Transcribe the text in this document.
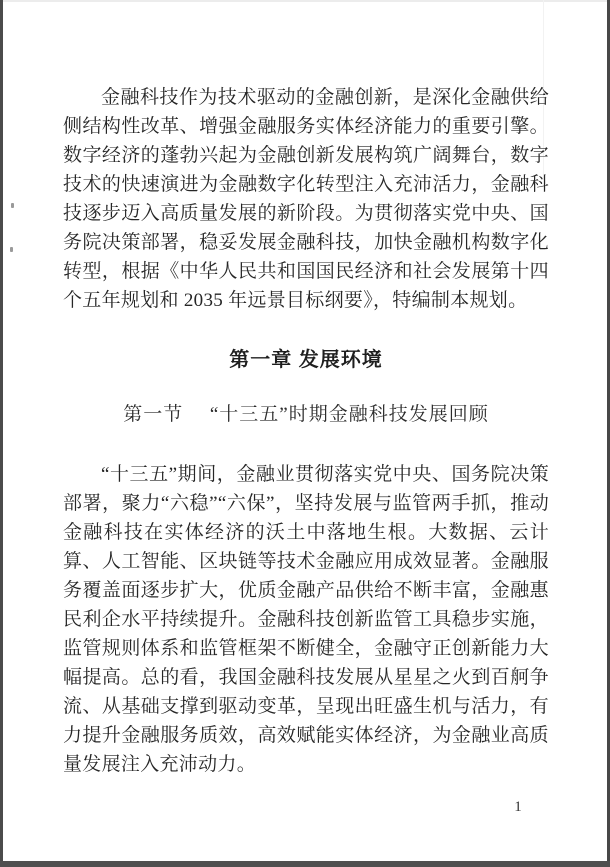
金融科技作为技术驱动的金融创新，是深化金融供给侧结构性改革、增强金融服务实体经济能力的重要引擎。数字经济的蓬勃兴起为金融创新发展构筑广阔舞台，数字技术的快速演进为金融数字化转型注入充沛活力，金融科技逐步迈入高质量发展的新阶段。为贯彻落实党中央、国务院决策部署，稳妥发展金融科技，加快金融机构数字化转型，根据《中华人民共和国国民经济和社会发展第十四个五年规划和 2035 年远景目标纲要》，特编制本规划。
第一章 发展环境
第一节 “十三五”时期金融科技发展回顾
“十三五”期间，金融业贯彻落实党中央、国务院决策部署，聚力“六稳”“六保”，坚持发展与监管两手抓，推动金融科技在实体经济的沃土中落地生根。大数据、云计算、人工智能、区块链等技术金融应用成效显著。金融服务覆盖面逐步扩大，优质金融产品供给不断丰富，金融惠民利企水平持续提升。金融科技创新监管工具稳步实施，监管规则体系和监管框架不断健全，金融守正创新能力大幅提高。总的看，我国金融科技发展从星星之火到百舸争流、从基础支撑到驱动变革，呈现出旺盛生机与活力，有力提升金融服务质效，高效赋能实体经济，为金融业高质量发展注入充沛动力。
1
